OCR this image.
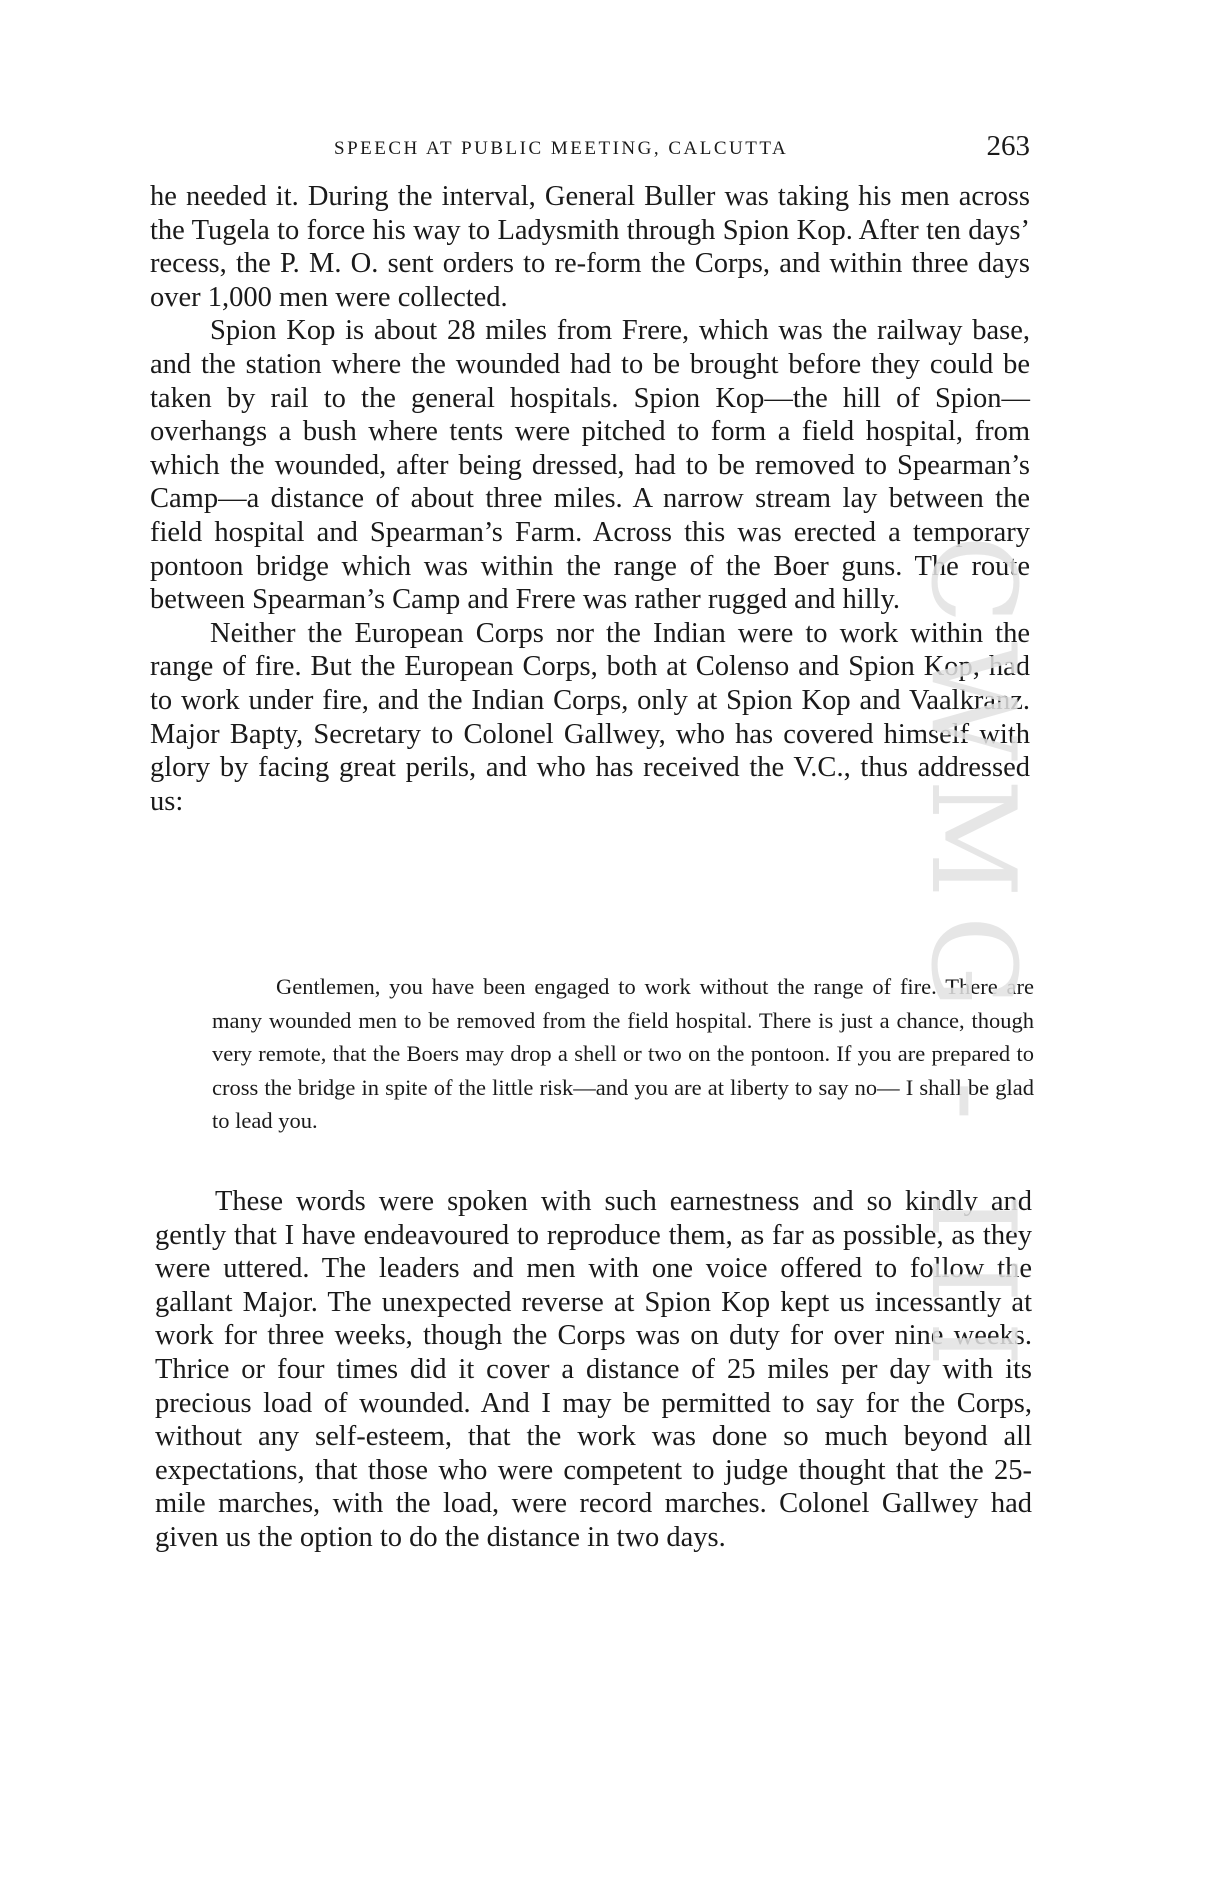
SPEECH AT PUBLIC MEETING, CALCUTTA	263

he needed it. During the interval, General Buller was taking his men across the Tugela to force his way to Ladysmith through Spion Kop. After ten days’ recess, the P. M. O. sent orders to re-form the Corps, and within three days over 1,000 men were collected.

Spion Kop is about 28 miles from Frere, which was the railway base, and the station where the wounded had to be brought before they could be taken by rail to the general hospitals. Spion Kop—the hill of Spion—overhangs a bush where tents were pitched to form a field hospital, from which the wounded, after being dressed, had to be removed to Spearman’s Camp—a distance of about three miles. A narrow stream lay between the field hospital and Spearman’s Farm. Across this was erected a temporary pontoon bridge which was within the range of the Boer guns. The route between Spearman’s Camp and Frere was rather rugged and hilly.

Neither the European Corps nor the Indian were to work within the range of fire. But the European Corps, both at Colenso and Spion Kop, had to work under fire, and the Indian Corps, only at Spion Kop and Vaalkranz. Major Bapty, Secretary to Colonel Gallwey, who has covered himself with glory by facing great perils, and who has received the V.C., thus addressed us:

Gentlemen, you have been engaged to work without the range of fire. There are many wounded men to be removed from the field hospital. There is just a chance, though very remote, that the Boers may drop a shell or two on the pontoon. If you are prepared to cross the bridge in spite of the little risk—and you are at liberty to say no— I shall be glad to lead you.

These words were spoken with such earnestness and so kindly and gently that I have endeavoured to reproduce them, as far as possible, as they were uttered. The leaders and men with one voice offered to follow the gallant Major. The unexpected reverse at Spion Kop kept us incessantly at work for three weeks, though the Corps was on duty for over nine weeks. Thrice or four times did it cover a distance of 25 miles per day with its precious load of wounded. And I may be permitted to say for the Corps, without any self-esteem, that the work was done so much beyond all expectations, that those who were competent to judge thought that the 25-mile marches, with the load, were record marches. Colonel Gallwey had given us the option to do the distance in two days.

CWMG - III
